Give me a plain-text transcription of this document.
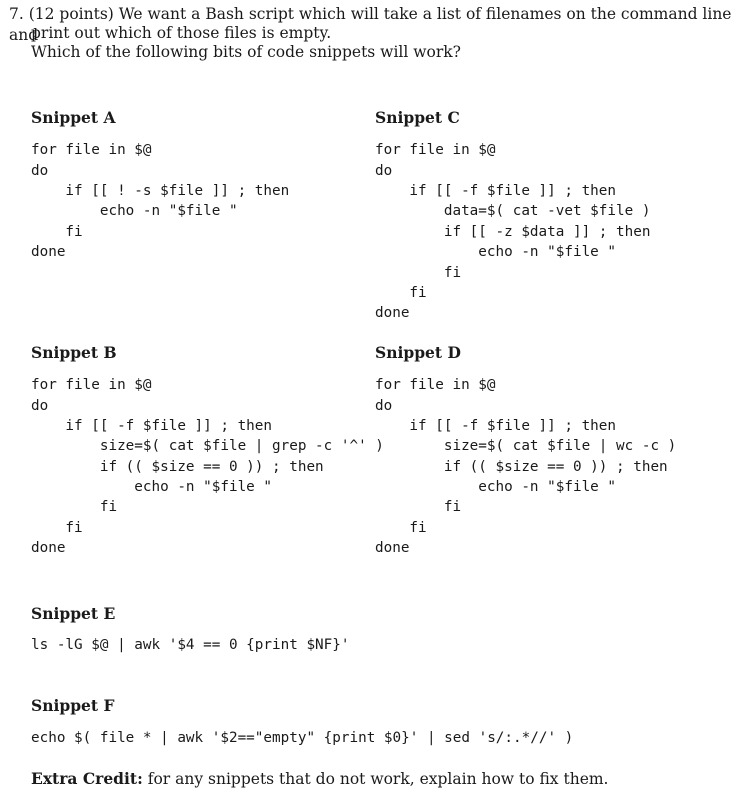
7. (12 points) We want a Bash script which will take a list of filenames on the command line and
print out which of those files is empty.
Which of the following bits of code snippets will work?
Snippet A
for file in $@
do
if [[ ! -s $file ]] ; then
echo -n "$file "
fi
done
Snippet C
for file in $@
do
if [[ -f $file ]] ; then
data=$( cat -vet $file )
if [[ -z $data ]] ; then
echo -n "$file "
fi
fi
done
Snippet B
for file in $@
do
if [[ -f $file ]] ; then
size=$( cat $file | grep -c '^' )
if (( $size == 0 )) ; then
echo -n "$file "
fi
fi
done
Snippet D
for file in $@
do
if [[ -f $file ]] ; then
size=$( cat $file | wc -c )
if (( $size == 0 )) ; then
echo -n "$file "
fi
fi
done
Snippet E
ls -lG $@ | awk '$4 == 0 {print $NF}'
Snippet F
echo $( file * | awk '$2=="empty" {print $0}' | sed 's/:.*//' )
Extra Credit: for any snippets that do not work, explain how to fix them.
